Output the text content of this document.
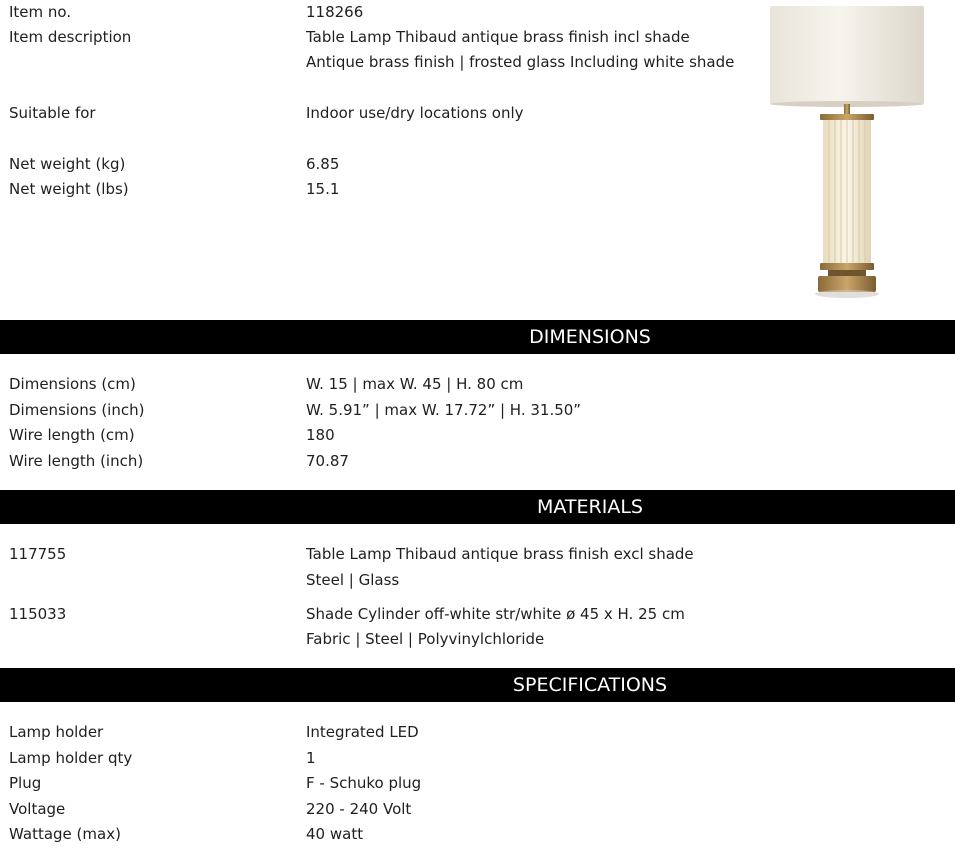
Item no.	118266
Item description	Table Lamp Thibaud antique brass finish incl shade
Antique brass finish | frosted glass Including white shade
Suitable for	Indoor use/dry locations only
Net weight (kg)	6.85
Net weight (lbs)	15.1
DIMENSIONS
Dimensions (cm)	W. 15 | max W. 45 | H. 80 cm
Dimensions (inch)	W. 5.91” | max W. 17.72” | H. 31.50”
Wire length (cm)	180
Wire length (inch)	70.87
MATERIALS
117755	Table Lamp Thibaud antique brass finish excl shade
Steel | Glass
115033	Shade Cylinder off-white str/white ø 45 x H. 25 cm
Fabric | Steel | Polyvinylchloride
SPECIFICATIONS
Lamp holder	Integrated LED
Lamp holder qty	1
Plug	F - Schuko plug
Voltage	220 - 240 Volt
Wattage (max)	40 watt
